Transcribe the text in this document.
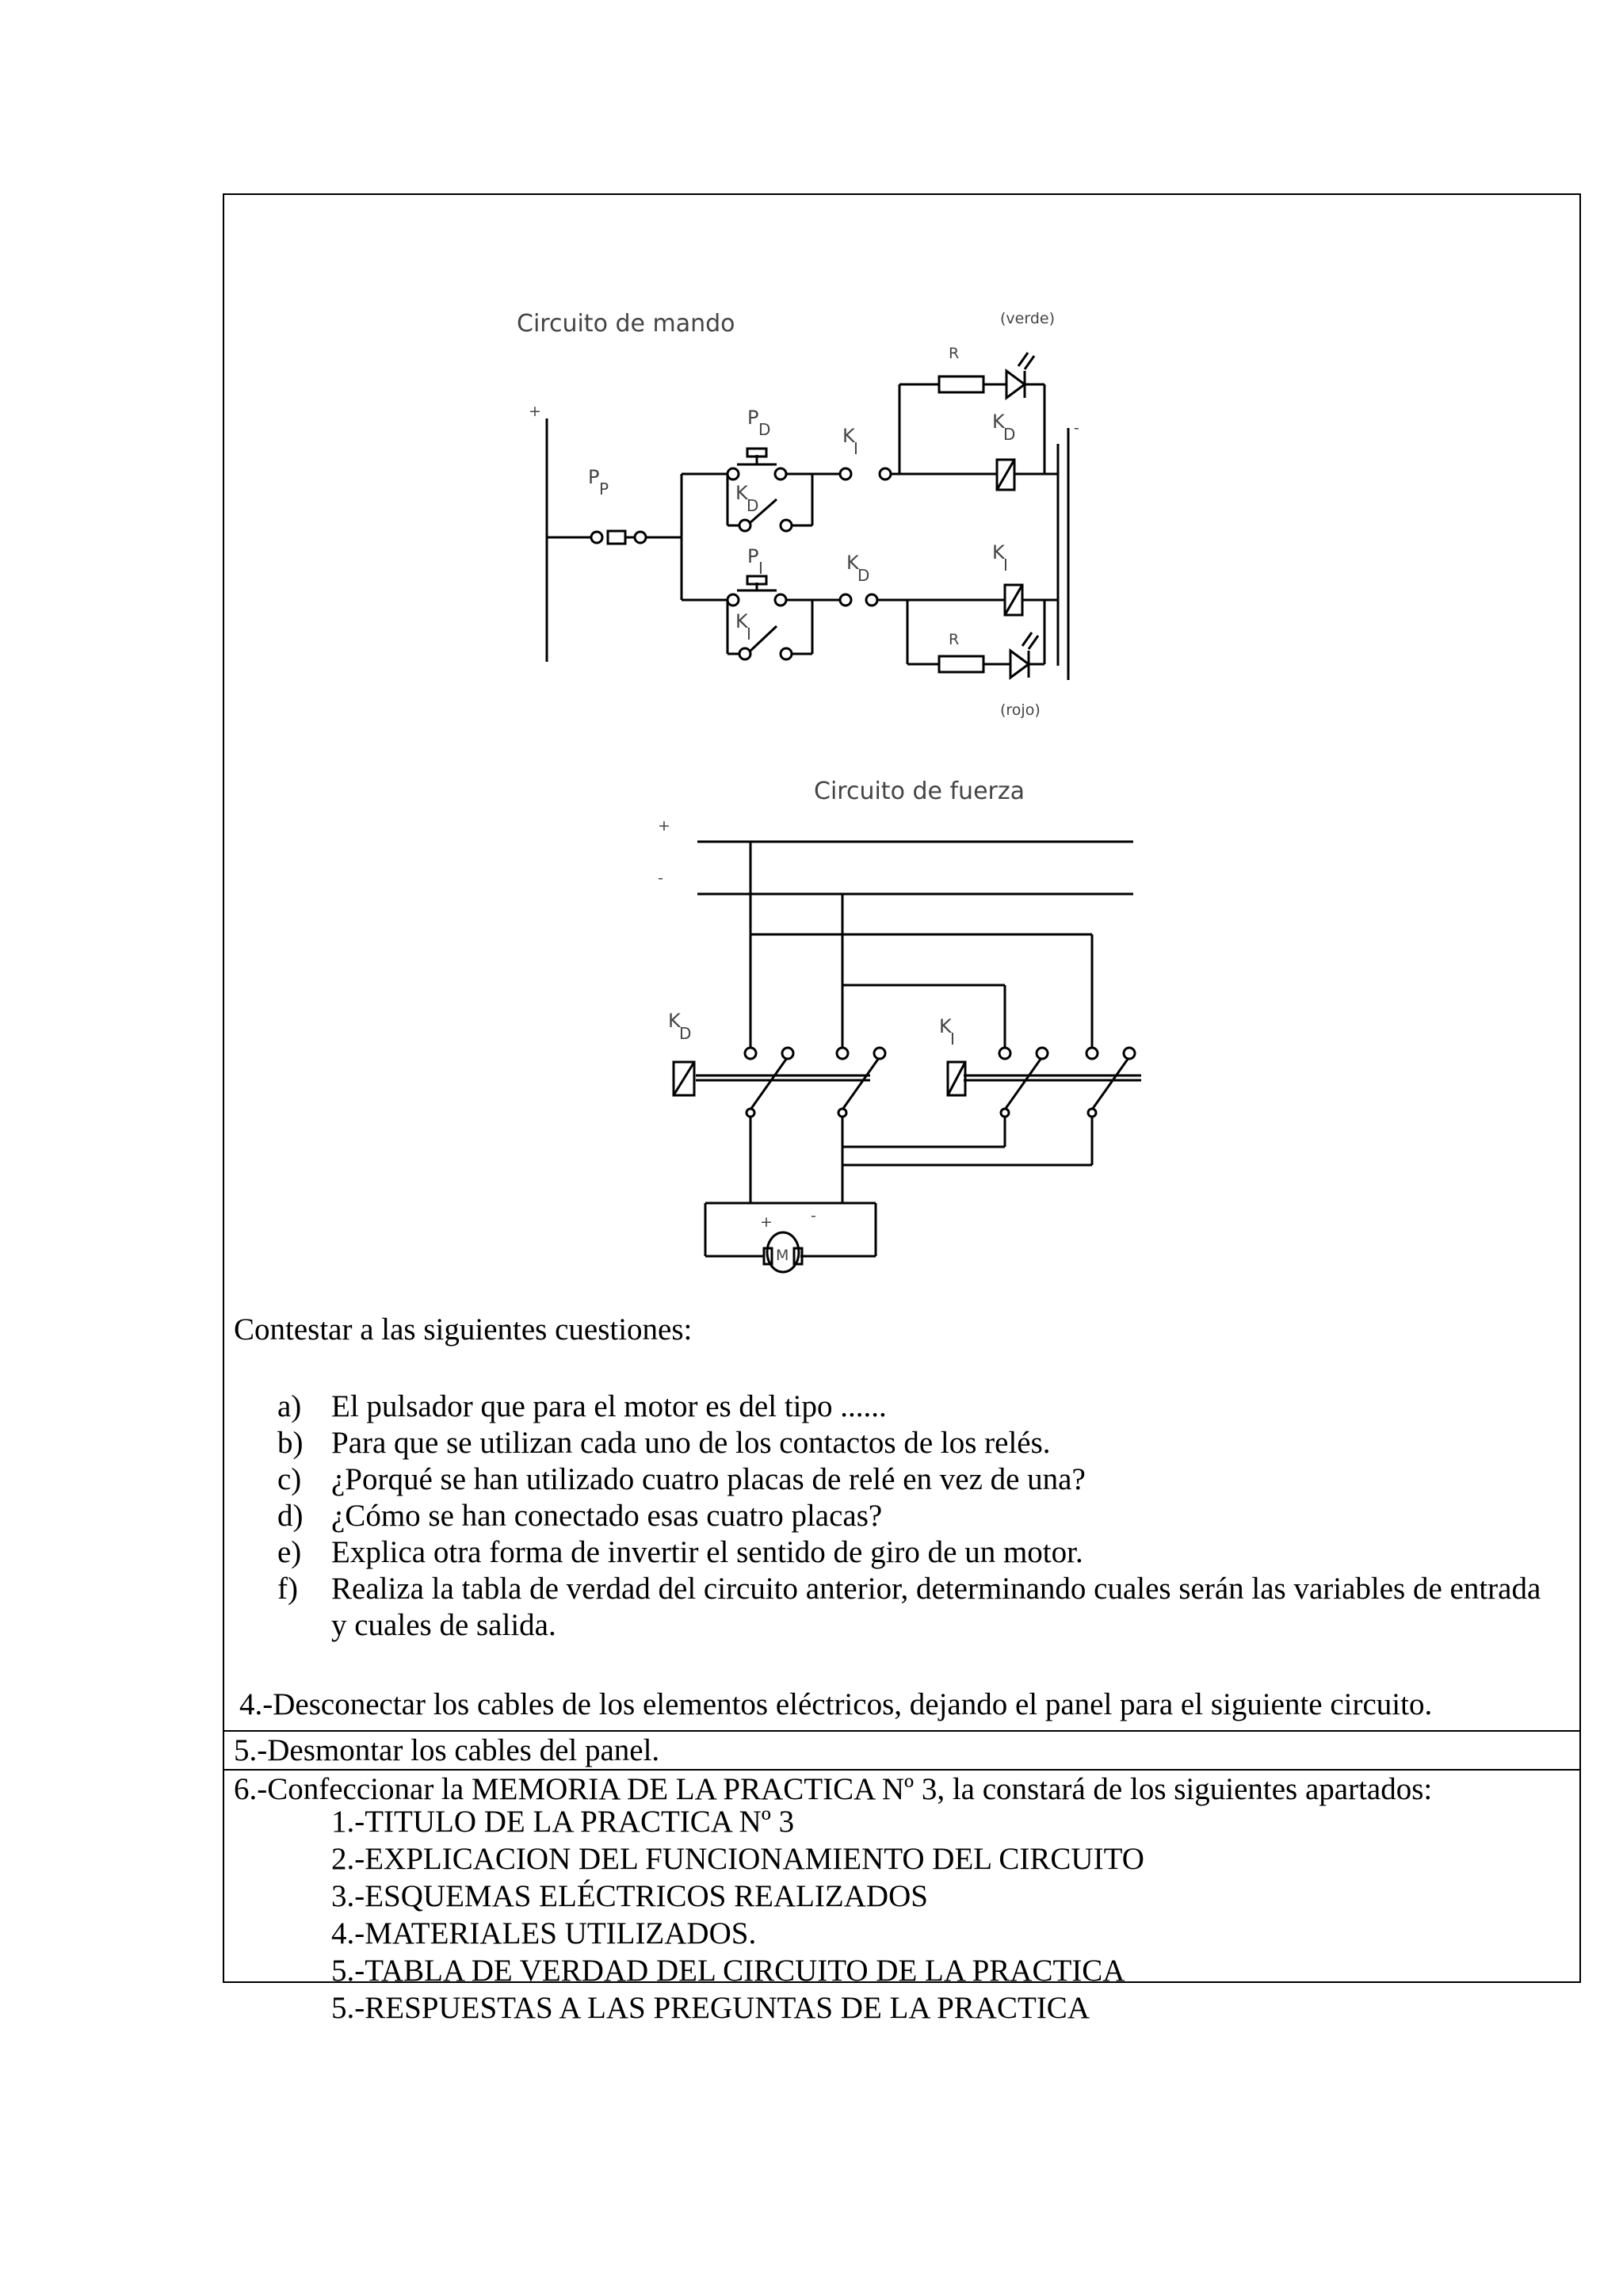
Circuito de mando
Circuito de fuerza
(verde)
(rojo)
+
-
+
-
+	-
R
R
M
P
P
P
D
K
D
K
I
K
D
P
I
K
I
K
D
K
I
K
D	K
I
Contestar a las siguientes cuestiones:
a) El pulsador que para el motor es del tipo ......
b) Para que se utilizan cada uno de los contactos de los relés.
c) ¿Porqué se han utilizado cuatro placas de relé en vez de una?
d) ¿Cómo se han conectado esas cuatro placas?
e) Explica otra forma de invertir el sentido de giro de un motor.
f) Realiza la tabla de verdad del circuito anterior, determinando cuales serán las variables de entrada y cuales de salida.
4.-Desconectar los cables de los elementos eléctricos, dejando el panel para el siguiente circuito.
5.-Desmontar los cables del panel.
6.-Confeccionar la MEMORIA DE LA PRACTICA Nº 3, la constará de los siguientes apartados:
1.-TITULO DE LA PRACTICA Nº 3
2.-EXPLICACION DEL FUNCIONAMIENTO DEL CIRCUITO
3.-ESQUEMAS ELÉCTRICOS REALIZADOS
4.-MATERIALES UTILIZADOS.
5.-TABLA DE VERDAD DEL CIRCUITO DE LA PRACTICA
5.-RESPUESTAS A LAS PREGUNTAS DE LA PRACTICA
